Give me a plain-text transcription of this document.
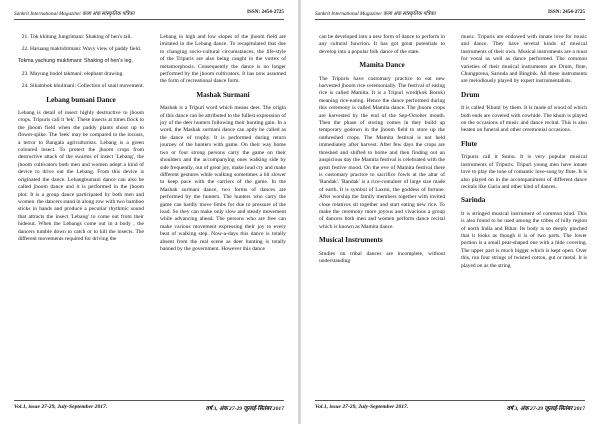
Sankrit International Magazine/ कला अंक सांस्कृतिक पत्रिका	ISSN: 2454-2725
21. Tok khitung Jungrimani: Shaking of hen's tail.
22. Haruang maktidrimani: Wavy view of paddy field.
Tokma yachung mukhmani: Shaking of hen's leg.
23. Mayung bodol takmani: elephant drawing.
24. Sikambok khulmani: Collection of snail movement.
Lebang bumani Dance

Lebang is detail of insect highly destructive to jhoom crops. Tripuris call it 'lek'. These insects at times flock to the jhoom field when the paddy plants shoot up to flower-spike. The 'leek' may be compared to the locusts, a terror to Bangala agriculturists. Lebang is a green coloured insect. To protect the jhoom crops from destructive attack of the swarms of insect 'Lebang', the jhoom cultivators both men and women adopt a kind of device to drive out the Lebang. From this device is originated the dance. Lebangbumani dance can also be called jhoom dance and it is performed in the jhoom plot. It is a group dance participated by both men and women. the dancers stand in along row with two bamboo sticks in hands and produce a peculiar rhythmic sound that attracts the insect 'Lebang' to come out from their hideout. When the Lebangs come out in a body , the dancers tumble down to catch or to kill the insects. The different movements required for driving the

Lebang in high and low slopes of the jhoom field are imitated in the Lebang dance. To recapitulated that due to changing socio-cultural circumstances, the life-style of the Tripuris are also being caught in the vortex of metamorphosis. Consequently the dance is no longer performed by the jhoom cultivators. It has now assumed the form of recreational dance form.

Mashak Surmani

Mashak is a Tripuri word which means deer. The origin of this dance can be attributed to the fullest expression of joy of the deer hunters following their hunting gain. In a word, the Mashak surmani dance can aptly be called as the dance of trophy. It is performed during return journey of the hunters with game. On their way home two or four strong persons carry the game on their shoulders and the accompanying ones walking side by side frequently, out of great joy, make loud cry and make different gestures while walking sometimes a bit slower to keep pace with the carriers of the game. In the Mashak surmani dance, two forms of dances are performed by the hunters. The hunters who carry the game can hardly move limbs for due to pressure of the load. So they can make only slow and steady movement while advancing ahead. The persons who are free can make various movement expressing their joy to every beat of walking step. Now-a-days this dance is totally absent from the real scene as deer hunting is totally banned by the government. However this dance

Vol.1, issue 27-29, July-September 2017.	वर्ष 3, अंक 27-29 जुलाई-सितंबर 2017
Sankrit International Magazine/ कला अंक सांस्कृतिक पत्रिका	ISSN: 2454-2725

can be developed into a new form of dance to perform in any cultural function. It has got great potentials to develop into a popular folk dance of the state.

Mamita Dance

The Tripuris have customary practice to eat new harvested jhoom rice ceremonially. The festival of eating rice is called Mamita. It is a Tripuri word(kok Borok) meaning rice-eating. Hence the dance performed during this ceremony is called Mamita dance. The jhoom crops are harvested by the end of the Sep-October month. Then the phase of storing comes in they build up temporary godown in the jhoom field to store up the unthreshed crops. The Mamita festival is not held immediately after harvest. After few days the crops are threshed and shifted to home and then finding out an auspicious day the Mamita festival is celebrated with the great festive mood. On the eve of Mamita festival there is customary practice to sacrifice fowls at the altar of 'Randak'. 'Randak' is a rice-container of large size made of earth. It is symbol of Laxmi, the goddess of fortune. After worship the family members together with invited close relatives sit together and start eating new rice. To make the ceremony more joyous and vivacious a group of dancers both men and women perform dance recital which is known as Mamita dance.

Musical Instruments

Studies on tribal dances are incomplete, without understanding

music. Tripuris are endowed with innate love for music and dance. They have several kinds of musical instruments of their own. Musical instruments are a must for vocal as well as dance performed. The common varieties of their musical instruments are Drum, flute, Chungprena, Sarinda and Bingbik. All these instruments are melodiously played by expert instrumentalists.

Drum

It is called 'Khum' by them. It is made of wood of which both ends are covered with cowhide. The khum is played on the occasions of music and dance recital. This is also beaten on funeral and other ceremonial occasions.

Flute

Tripuris call it Sumu. It is very popular musical instruments of Tripuris. Tripuri young men have innate love to play the tone of romantic love-song by flute. It is also played on in the accompaniment of different dance recitals like Garia and other kind of dances.

Sarinda

It is stringed musical instrument of common kind. This is also found to be used among the tribes of hilly region of north India and Bihar. Its body is so deeply pinched that it looks as though it is of two parts. The lower portion is a small pear-shaped one with a hide covering. The upper part is much bigger which is kept open. Over this, run four strings of twisted cotton, gut or metal. It is played on as the string

Vol.1, issue 27-29, July-September 2017.	वर्ष 3, अंक 27-29 जुलाई-सितंबर 2017
